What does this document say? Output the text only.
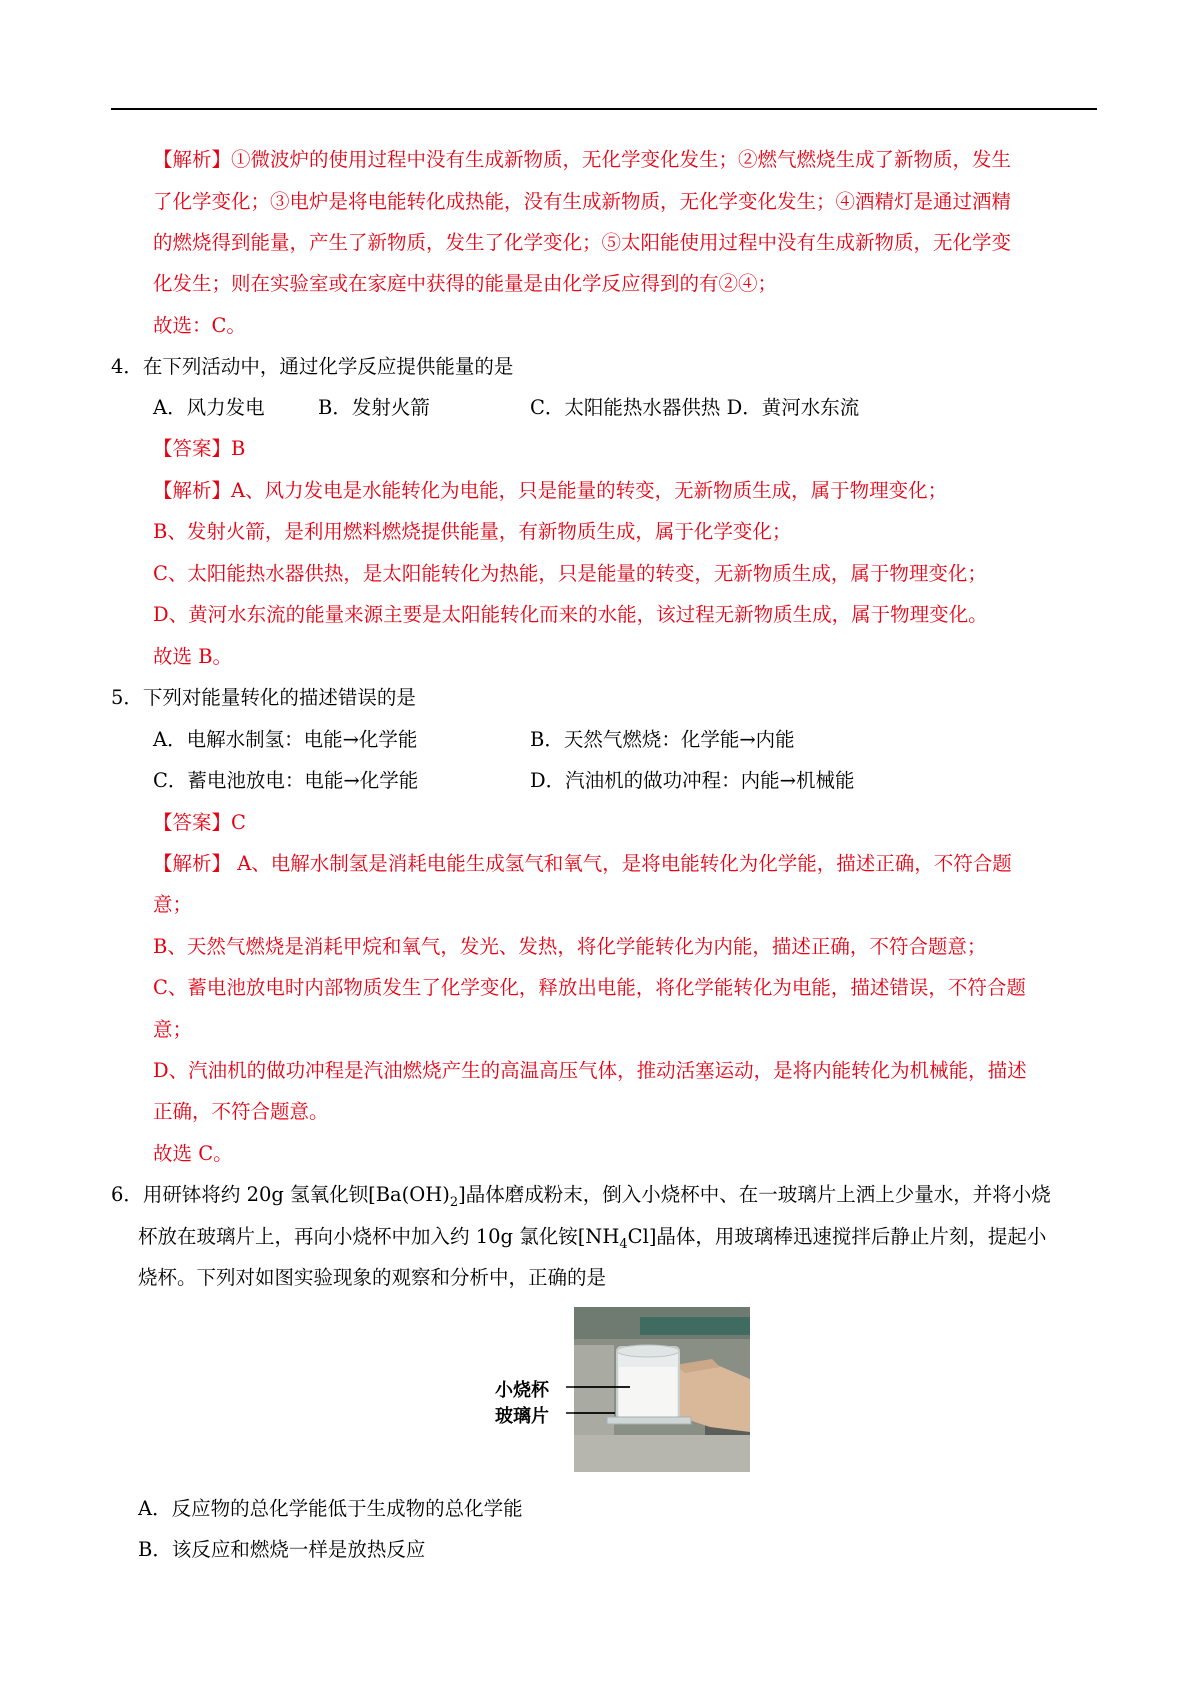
【解析】①微波炉的使用过程中没有生成新物质，无化学变化发生；②燃气燃烧生成了新物质，发生
了化学变化；③电炉是将电能转化成热能，没有生成新物质，无化学变化发生；④酒精灯是通过酒精
的燃烧得到能量，产生了新物质，发生了化学变化；⑤太阳能使用过程中没有生成新物质，无化学变
化发生；则在实验室或在家庭中获得的能量是由化学反应得到的有②④；
故选：C。
4．在下列活动中，通过化学反应提供能量的是
A．风力发电	B．发射火箭	C．太阳能热水器供热 D．黄河水东流
【答案】B
【解析】A、风力发电是水能转化为电能，只是能量的转变，无新物质生成，属于物理变化；
B、发射火箭，是利用燃料燃烧提供能量，有新物质生成，属于化学变化；
C、太阳能热水器供热，是太阳能转化为热能，只是能量的转变，无新物质生成，属于物理变化；
D、黄河水东流的能量来源主要是太阳能转化而来的水能，该过程无新物质生成，属于物理变化。
故选 B。
5．下列对能量转化的描述错误的是
A．电解水制氢：电能→化学能	B．天然气燃烧：化学能→内能
C．蓄电池放电：电能→化学能	D．汽油机的做功冲程：内能→机械能
【答案】C
【解析】 A、电解水制氢是消耗电能生成氢气和氧气，是将电能转化为化学能，描述正确，不符合题
意；
B、天然气燃烧是消耗甲烷和氧气，发光、发热，将化学能转化为内能，描述正确，不符合题意；
C、蓄电池放电时内部物质发生了化学变化，释放出电能，将化学能转化为电能，描述错误，不符合题
意；
D、汽油机的做功冲程是汽油燃烧产生的高温高压气体，推动活塞运动，是将内能转化为机械能，描述
正确，不符合题意。
故选 C。
6．用研钵将约 20g 氢氧化钡$[Ba(OH)_2]$晶体磨成粉末，倒入小烧杯中、在一玻璃片上洒上少量水，并将小烧
杯放在玻璃片上，再向小烧杯中加入约 10g 氯化铵$[NH_4Cl]$晶体，用玻璃棒迅速搅拌后静止片刻，提起小
烧杯。下列对如图实验现象的观察和分析中，正确的是
小烧杯
玻璃片
A．反应物的总化学能低于生成物的总化学能
B．该反应和燃烧一样是放热反应
